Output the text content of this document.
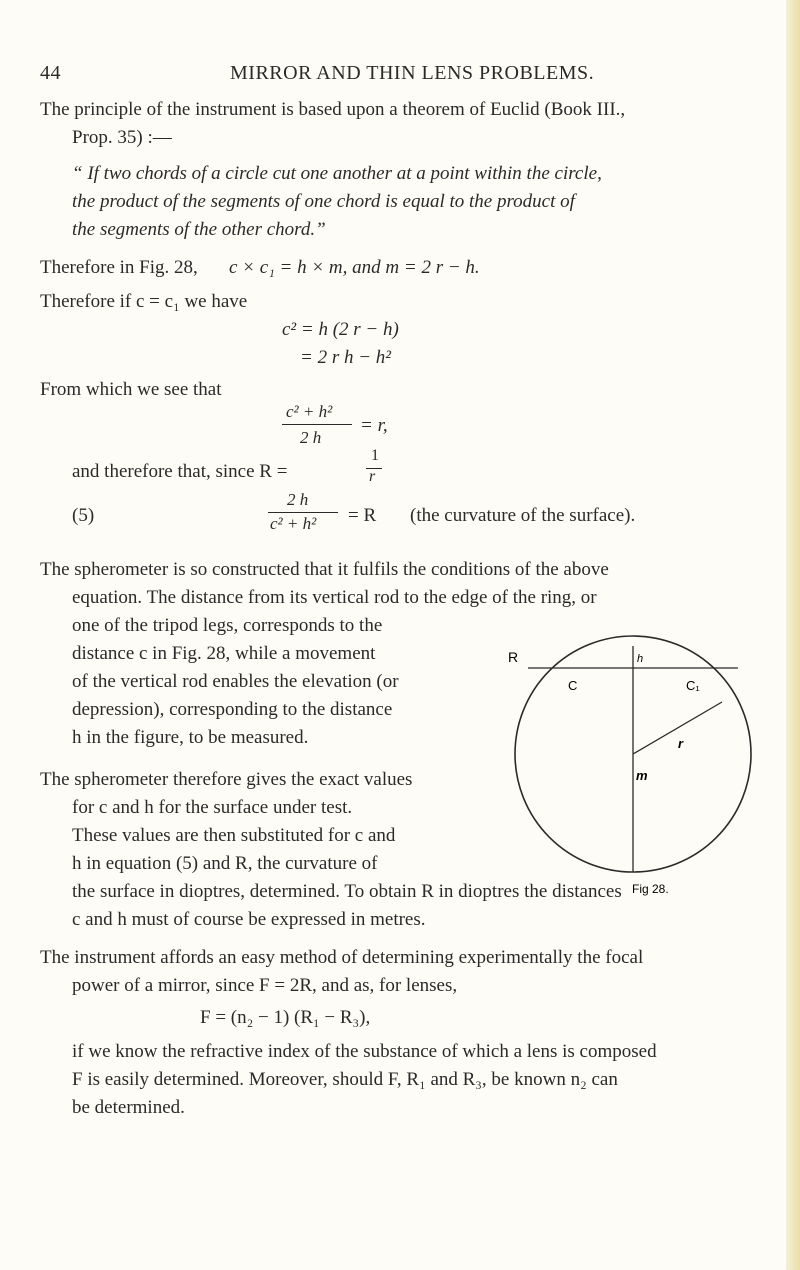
44	MIRROR AND THIN LENS PROBLEMS.
The principle of the instrument is based upon a theorem of Euclid (Book III.,
Prop. 35) :—
“ If two chords of a circle cut one another at a point within the circle,
the product of the segments of one chord is equal to the product of
the segments of the other chord.”
Therefore in Fig. 28, c × c₁ = h × m, and m = 2 r − h.
Therefore if c = c₁ we have
c² = h (2 r − h)
= 2 r h − h²
From which we see that
c² + h²
2 h
= r,
and therefore that, since R =
1
r
(5)
2 h
c² + h² = R (the curvature of the surface).
The spherometer is so constructed that it fulfils the conditions of the above
equation. The distance from its vertical rod to the edge of the ring, or
one of the tripod legs, corresponds to the
distance c in Fig. 28, while a movement
of the vertical rod enables the elevation (or
depression), corresponding to the distance
h in the figure, to be measured.
The spherometer therefore gives the exact values
for c and h for the surface under test.
These values are then substituted for c and
h in equation (5) and R, the curvature of
the surface in dioptres, determined. To obtain R in dioptres the distances
c and h must of course be expressed in metres.
The instrument affords an easy method of determining experimentally the focal
power of a mirror, since F = 2R, and as, for lenses,
F = (n₂ − 1) (R₁ − R₃),
if we know the refractive index of the substance of which a lens is composed
F is easily determined. Moreover, should F, R₁ and R₃, be known n₂ can
be determined.
R	h
C	C₁
r
m
Fig 28.
